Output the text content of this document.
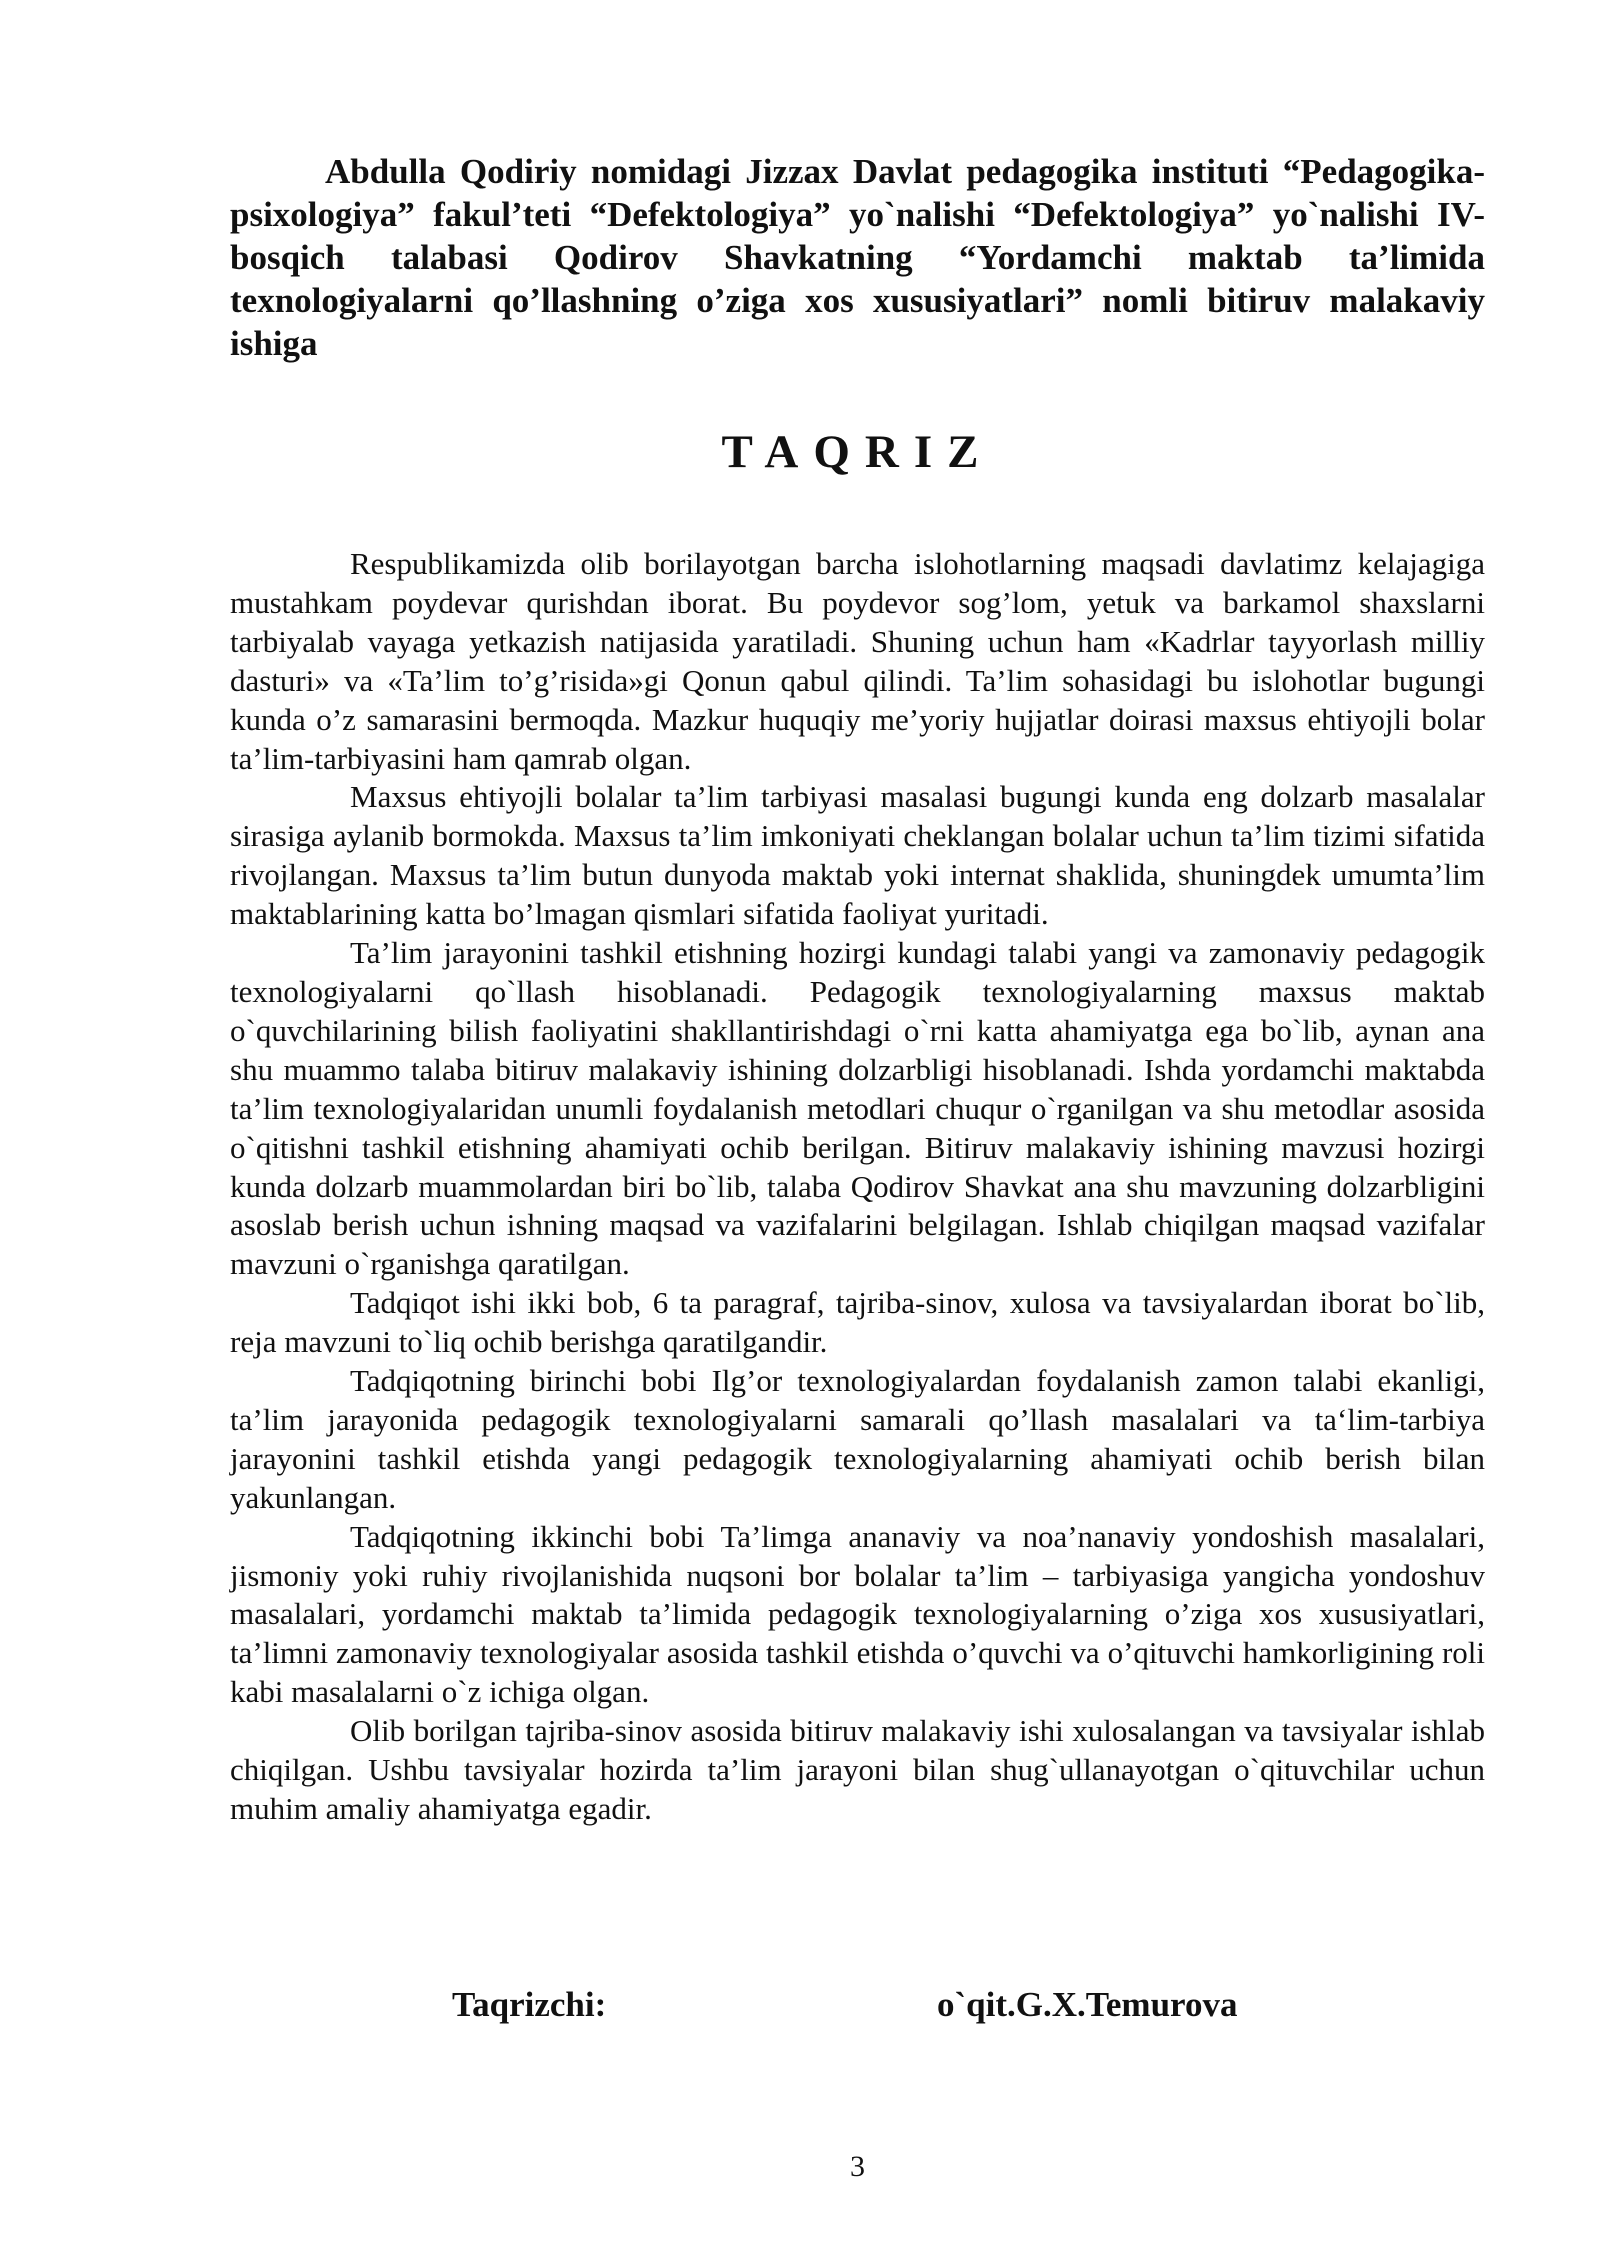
Abdulla Qodiriy nomidagi Jizzax Davlat pedagogika instituti “Pedagogika-psixologiya” fakul’teti “Defektologiya” yo`nalishi “Defektologiya” yo`nalishi IV-bosqich talabasi Qodirov Shavkatning “Yordamchi maktab ta’limida texnologiyalarni qo’llashning o’ziga xos xususiyatlari” nomli bitiruv malakaviy ishiga

TAQRIZ

Respublikamizda olib borilayotgan barcha islohotlarning maqsadi davlatimz kelajagiga mustahkam poydevar qurishdan iborat. Bu poydevor sog’lom, yetuk va barkamol shaxslarni tarbiyalab vayaga yetkazish natijasida yaratiladi. Shuning uchun ham «Kadrlar tayyorlash milliy dasturi» va «Ta’lim to’g’risida»gi Qonun qabul qilindi. Ta’lim sohasidagi bu islohotlar bugungi kunda o’z samarasini bermoqda. Mazkur huquqiy me’yoriy hujjatlar doirasi maxsus ehtiyojli bolar ta’lim-tarbiyasini ham qamrab olgan.

Maxsus ehtiyojli bolalar ta’lim tarbiyasi masalasi bugungi kunda eng dolzarb masalalar sirasiga aylanib bormokda. Maxsus ta’lim imkoniyati cheklangan bolalar uchun ta’lim tizimi sifatida rivojlangan. Maxsus ta’lim butun dunyoda maktab yoki internat shaklida, shuningdek umumta’lim maktablarining katta bo’lmagan qismlari sifatida faoliyat yuritadi.

Ta’lim jarayonini tashkil etishning hozirgi kundagi talabi yangi va zamonaviy pedagogik texnologiyalarni qo`llash hisoblanadi. Pedagogik texnologiyalarning maxsus maktab o`quvchilarining bilish faoliyatini shakllantirishdagi o`rni katta ahamiyatga ega bo`lib, aynan ana shu muammo talaba bitiruv malakaviy ishining dolzarbligi hisoblanadi. Ishda yordamchi maktabda ta’lim texnologiyalaridan unumli foydalanish metodlari chuqur o`rganilgan va shu metodlar asosida o`qitishni tashkil etishning ahamiyati ochib berilgan. Bitiruv malakaviy ishining mavzusi hozirgi kunda dolzarb muammolardan biri bo`lib, talaba Qodirov Shavkat ana shu mavzuning dolzarbligini asoslab berish uchun ishning maqsad va vazifalarini belgilagan. Ishlab chiqilgan maqsad vazifalar mavzuni o`rganishga qaratilgan.

Tadqiqot ishi ikki bob, 6 ta paragraf, tajriba-sinov, xulosa va tavsiyalardan iborat bo`lib, reja mavzuni to`liq ochib berishga qaratilgandir.

Tadqiqotning birinchi bobi Ilg’or texnologiyalardan foydalanish zamon talabi ekanligi, ta’lim jarayonida pedagogik texnologiyalarni samarali qo’llash masalalari va ta‘lim-tarbiya jarayonini tashkil etishda yangi pedagogik texnologiyalarning ahamiyati ochib berish bilan yakunlangan.

Tadqiqotning ikkinchi bobi Ta’limga ananaviy va noa’nanaviy yondoshish masalalari, jismoniy yoki ruhiy rivojlanishida nuqsoni bor bolalar ta’lim – tarbiyasiga yangicha yondoshuv masalalari, yordamchi maktab ta’limida pedagogik texnologiyalarning o’ziga xos xususiyatlari, ta’limni zamonaviy texnologiyalar asosida tashkil etishda o’quvchi va o’qituvchi hamkorligining roli kabi masalalarni o`z ichiga olgan.

Olib borilgan tajriba-sinov asosida bitiruv malakaviy ishi xulosalangan va tavsiyalar ishlab chiqilgan. Ushbu tavsiyalar hozirda ta’lim jarayoni bilan shug`ullanayotgan o`qituvchilar uchun muhim amaliy ahamiyatga egadir.

Taqrizchi:	o`qit.G.X.Temurova
3
